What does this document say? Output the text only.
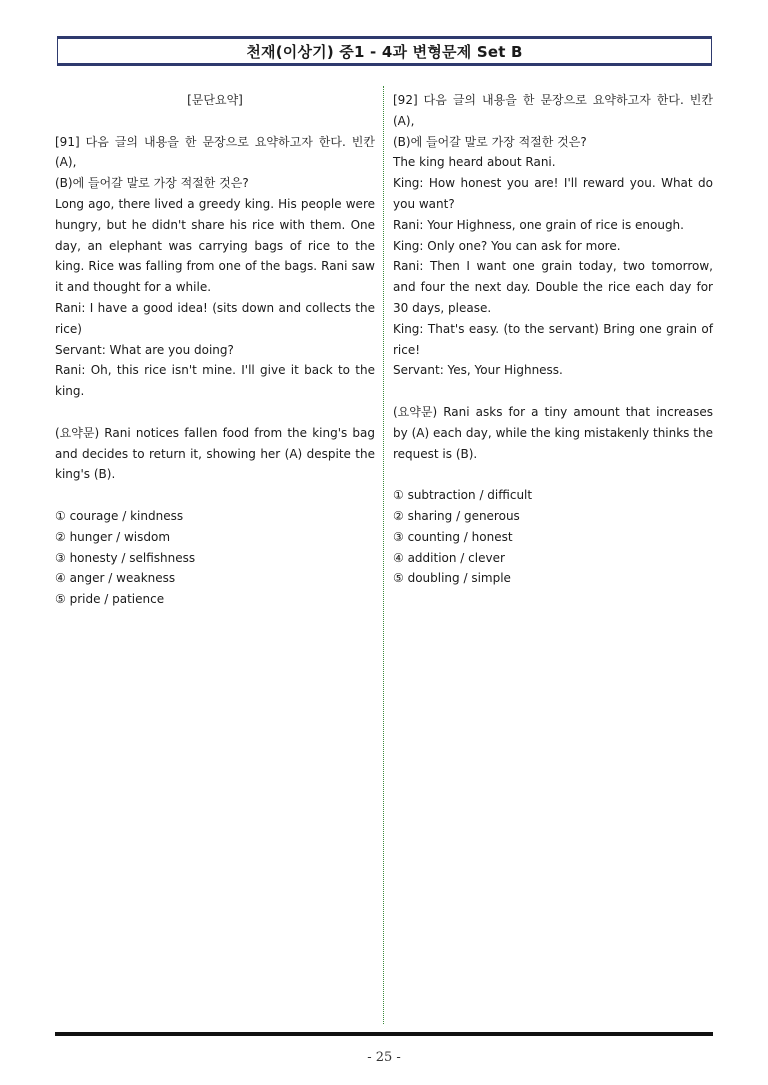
천재(이상기) 중1 - 4과 변형문제 Set B

[문단요약]

[91] 다음 글의 내용을 한 문장으로 요약하고자 한다. 빈칸 (A),

(B)에 들어갈 말로 가장 적절한 것은?

Long ago, there lived a greedy king. His people were hungry, but he didn't share his rice with them. One day, an elephant was carrying bags of rice to the king. Rice was falling from one of the bags. Rani saw it and thought for a while.

Rani: I have a good idea! (sits down and collects the rice)

Servant: What are you doing?

Rani: Oh, this rice isn't mine. I'll give it back to the king.

(요약문) Rani notices fallen food from the king's bag and decides to return it, showing her (A) despite the king's (B).

① courage / kindness

② hunger / wisdom

③ honesty / selfishness

④ anger / weakness

⑤ pride / patience

[92] 다음 글의 내용을 한 문장으로 요약하고자 한다. 빈칸 (A),

(B)에 들어갈 말로 가장 적절한 것은?

The king heard about Rani.

King: How honest you are! I'll reward you. What do you want?

Rani: Your Highness, one grain of rice is enough.

King: Only one? You can ask for more.

Rani: Then I want one grain today, two tomorrow, and four the next day. Double the rice each day for 30 days, please.

King: That's easy. (to the servant) Bring one grain of rice!

Servant: Yes, Your Highness.

(요약문) Rani asks for a tiny amount that increases by (A) each day, while the king mistakenly thinks the request is (B).

① subtraction / difficult

② sharing / generous

③ counting / honest

④ addition / clever

⑤ doubling / simple

- 25 -
